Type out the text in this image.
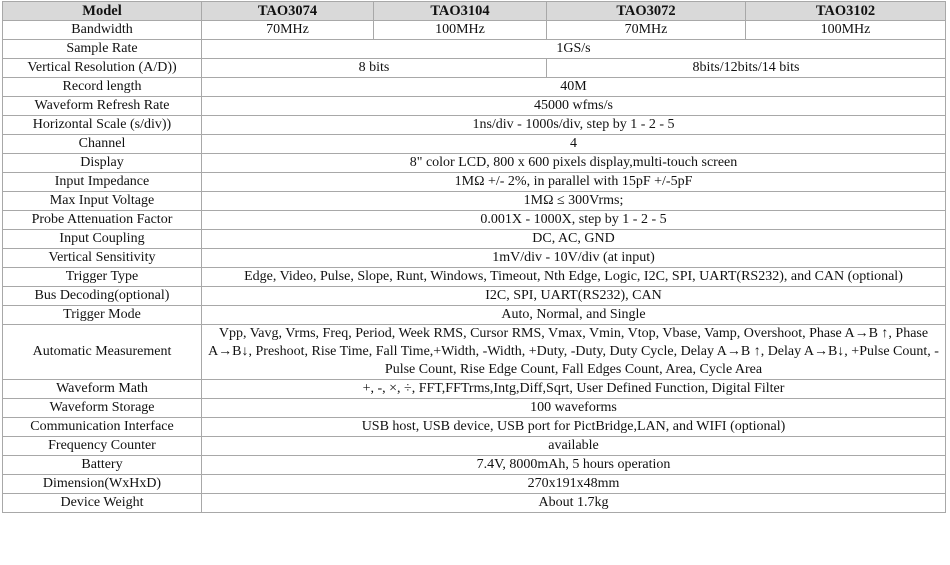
Model	TAO3074	TAO3104	TAO3072	TAO3102
Bandwidth	70MHz	100MHz	70MHz	100MHz
Sample Rate	1GS/s			
Vertical Resolution (A/D))	8 bits		8bits/12bits/14 bits	
Record length	40M			
Waveform Refresh Rate	45000 wfms/s			
Horizontal Scale (s/div))	1ns/div - 1000s/div, step by 1 - 2 - 5			
Channel	4			
Display	8" color LCD, 800 x 600 pixels display,multi-touch screen			
Input Impedance	1MΩ +/- 2%, in parallel with 15pF +/-5pF			
Max Input Voltage	1MΩ ≤ 300Vrms;			
Probe Attenuation Factor	0.001X - 1000X, step by 1 - 2 - 5			
Input Coupling	DC, AC, GND			
Vertical Sensitivity	1mV/div - 10V/div (at input)			
Trigger Type	Edge, Video, Pulse, Slope, Runt, Windows, Timeout, Nth Edge, Logic, I2C, SPI, UART(RS232), and CAN (optional)			
Bus Decoding(optional)	I2C, SPI, UART(RS232), CAN			
Trigger Mode	Auto, Normal, and Single			
Automatic Measurement	Vpp, Vavg, Vrms, Freq, Period, Week RMS, Cursor RMS, Vmax, Vmin, Vtop, Vbase, Vamp, Overshoot, Phase A→B ↑, Phase A→B↓, Preshoot, Rise Time, Fall Time,+Width, -Width, +Duty, -Duty, Duty Cycle, Delay A→B ↑, Delay A→B↓, +Pulse Count, -Pulse Count, Rise Edge Count, Fall Edges Count, Area, Cycle Area			
Waveform Math	+, -, ×, ÷, FFT,FFTrms,Intg,Diff,Sqrt, User Defined Function, Digital Filter			
Waveform Storage	100 waveforms			
Communication Interface	USB host, USB device, USB port for PictBridge,LAN, and WIFI (optional)			
Frequency Counter	available			
Battery	7.4V, 8000mAh, 5 hours operation			
Dimension(WxHxD)	270x191x48mm			
Device Weight	About 1.7kg			
